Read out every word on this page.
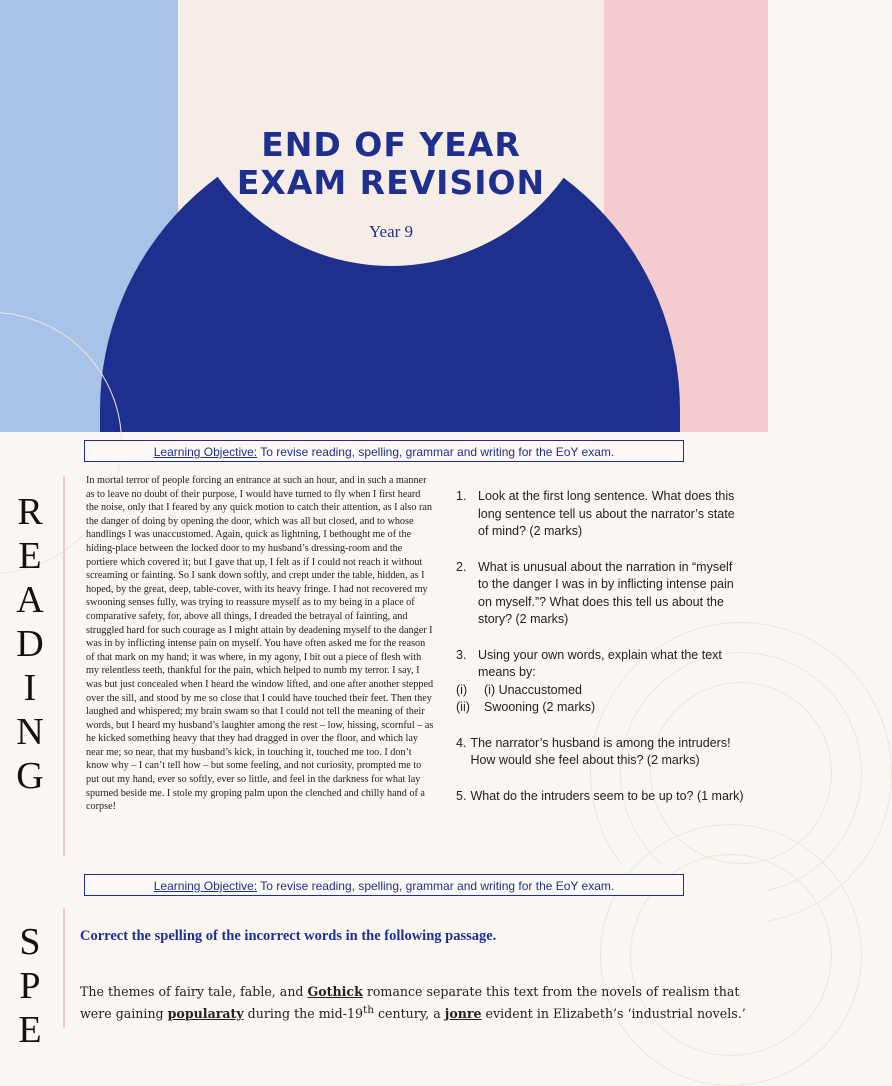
END OF YEAR
EXAM REVISION
Year 9
Learning Objective: To revise reading, spelling, grammar and writing for the EoY exam.
R
E
A
D
I
N
G

In mortal terror of people forcing an entrance at such an hour, and in such a manner as to leave no doubt of their purpose, I would have turned to fly when I first heard the noise, only that I feared by any quick motion to catch their attention, as I also ran the danger of doing by opening the door, which was all but closed, and to whose handlings I was unaccustomed. Again, quick as lightning, I bethought me of the hiding-place between the locked door to my husband’s dressing-room and the portiere which covered it; but I gave that up, I felt as if I could not reach it without screaming or fainting. So I sank down softly, and crept under the table, hidden, as I hoped, by the great, deep, table-cover, with its heavy fringe. I had not recovered my swooning senses fully, was trying to reassure myself as to my being in a place of comparative safety, for, above all things, I dreaded the betrayal of fainting, and struggled hard for such courage as I might attain by deadening myself to the danger I was in by inflicting intense pain on myself. You have often asked me for the reason of that mark on my hand; it was where, in my agony, I bit out a piece of flesh with my relentless teeth, thankful for the pain, which helped to numb my terror. I say, I was but just concealed when I heard the window lifted, and one after another stepped over the sill, and stood by me so close that I could have touched their feet. Then they laughed and whispered; my brain swam so that I could not tell the meaning of their words, but I heard my husband’s laughter among the rest – low, hissing, scornful – as he kicked something heavy that they had dragged in over the floor, and which lay near me; so near, that my husband’s kick, in touching it, touched me too. I don’t know why – I can’t tell how – but some feeling, and not curiosity, prompted me to put out my hand, ever so softly, ever so little, and feel in the darkness for what lay spurned beside me. I stole my groping palm upon the clenched and chilly hand of a corpse!

1. Look at the first long sentence. What does this long sentence tell us about the narrator’s state of mind? (2 marks)
2. What is unusual about the narration in “myself to the danger I was in by inflicting intense pain on myself.”? What does this tell us about the story? (2 marks)
3. Using your own words, explain what the text means by:
(i)	(i) Unaccustomed
(ii)	Swooning (2 marks)
4. The narrator’s husband is among the intruders! How would she feel about this? (2 marks)
5. What do the intruders seem to be up to? (1 mark)
Learning Objective: To revise reading, spelling, grammar and writing for the EoY exam.
S
P
E

Correct the spelling of the incorrect words in the following passage.

The themes of fairy tale, fable, and Gothick romance separate this text from the novels of realism that were gaining popularaty during the mid-19th century, a jonre evident in Elizabeth’s ‘industrial novels.’
